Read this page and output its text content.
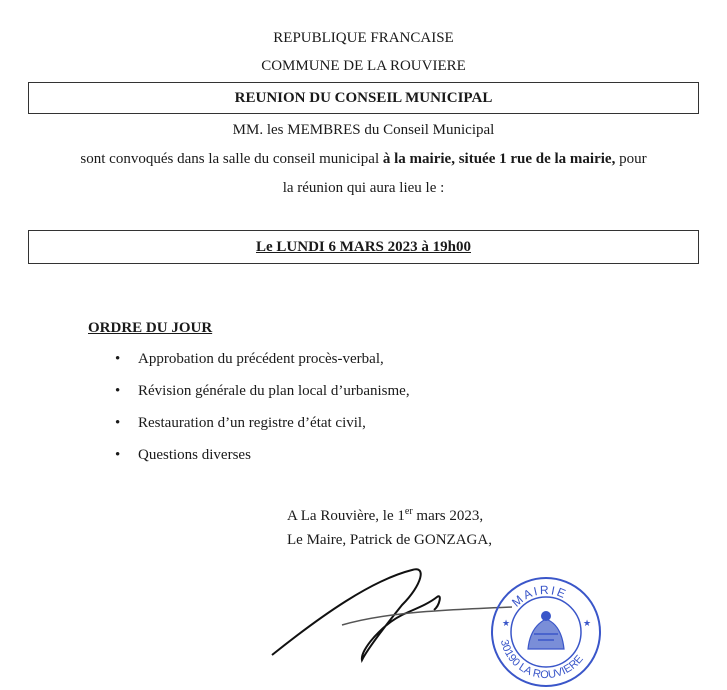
REPUBLIQUE FRANCAISE
COMMUNE DE LA ROUVIERE
REUNION DU CONSEIL MUNICIPAL
MM. les MEMBRES du Conseil Municipal
sont convoqués dans la salle du conseil municipal à la mairie, située 1 rue de la mairie, pour
la réunion qui aura lieu le :
Le LUNDI 6 MARS 2023 à 19h00
ORDRE DU JOUR
• Approbation du précédent procès-verbal,
• Révision générale du plan local d’urbanisme,
• Restauration d’un registre d’état civil,
• Questions diverses
A La Rouvière, le 1er mars 2023,
Le Maire, Patrick de GONZAGA,
MAIRIE
30190 LA ROUVIERE
★	★
